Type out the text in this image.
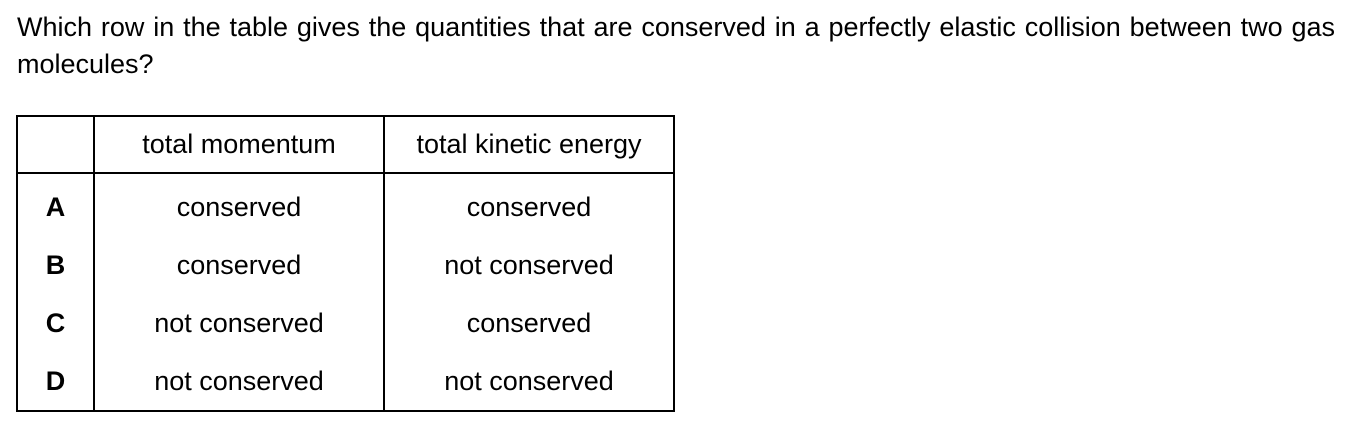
Which row in the table gives the quantities that are conserved in a perfectly elastic collision between two gas molecules?

	total momentum	total kinetic energy
A	conserved	conserved
B	conserved	not conserved
C	not conserved	conserved
D	not conserved	not conserved
